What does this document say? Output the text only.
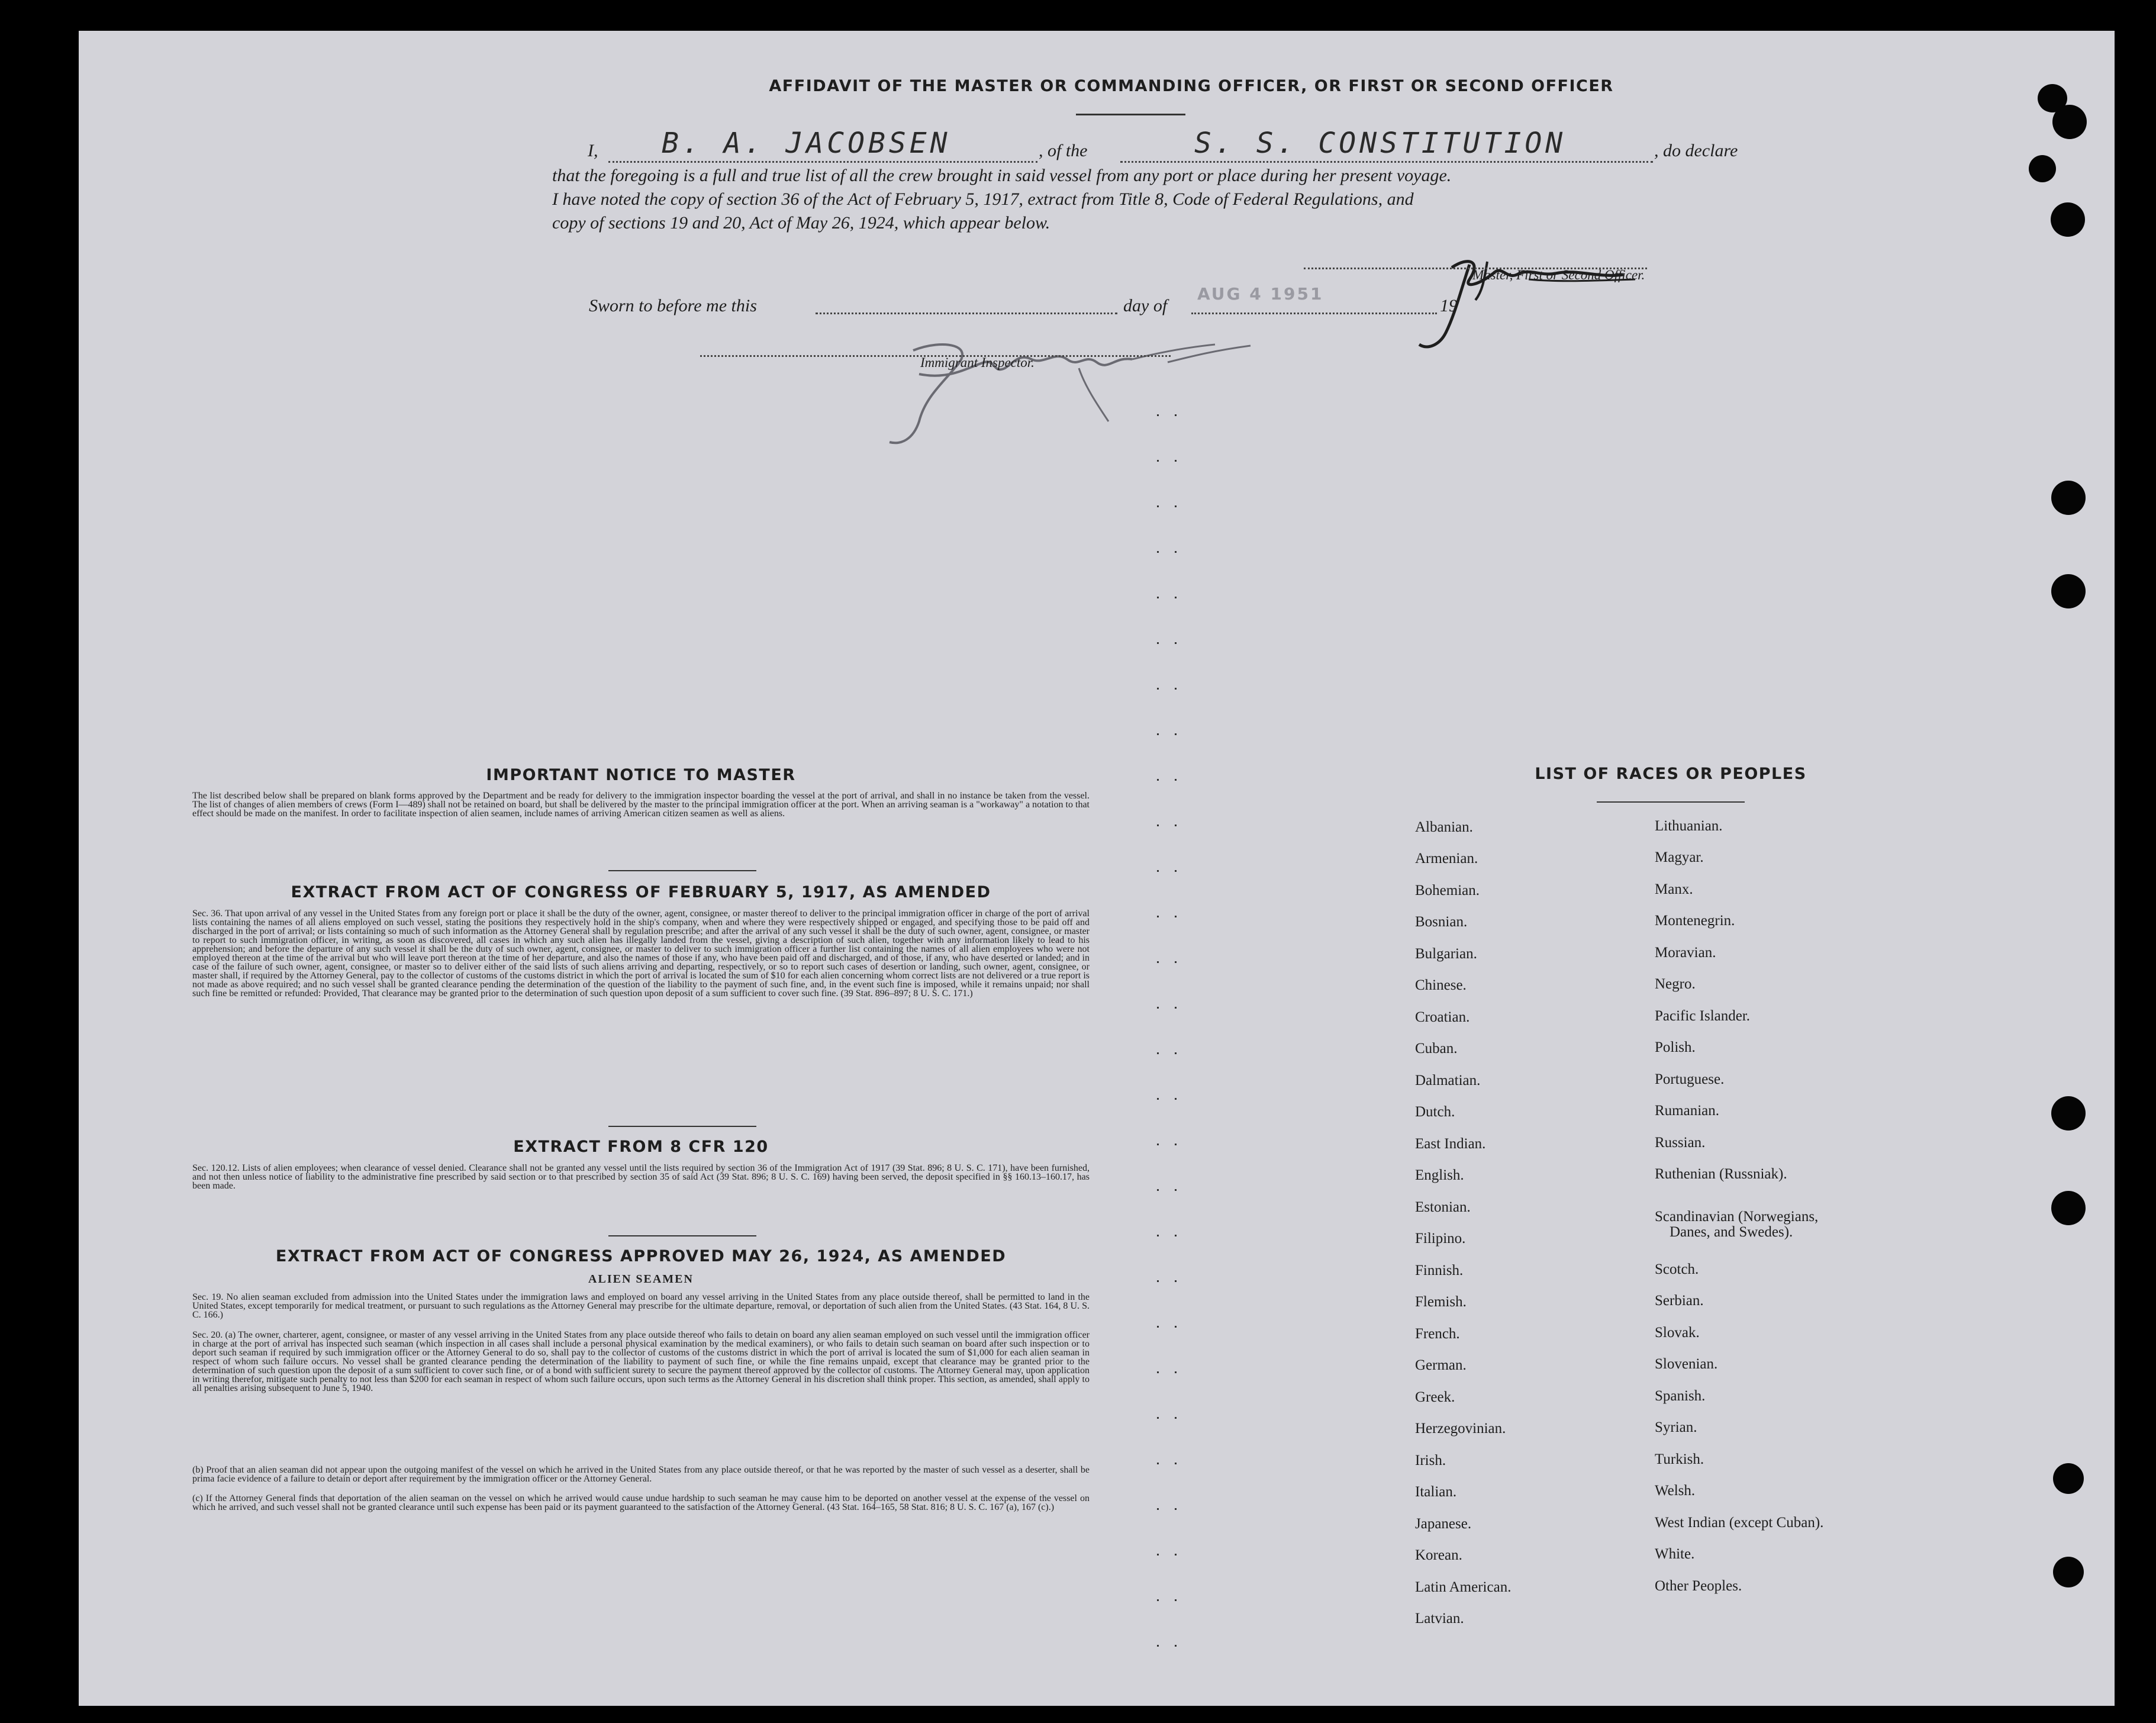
AFFIDAVIT OF THE MASTER OR COMMANDING OFFICER, OR FIRST OR SECOND OFFICER
I, B. A. JACOBSEN	, of the	S. S. CONSTITUTION	, do declare
that the foregoing is a full and true list of all the crew brought in said vessel from any port or place during her present voyage.
I have noted the copy of section 36 of the Act of February 5, 1917, extract from Title 8, Code of Federal Regulations, and
copy of sections 19 and 20, Act of May 26, 1924, which appear below.
Master, First or Second Officer.
Sworn to before me this	day of
AUG 4 1951
19
Immigrant Inspector.
IMPORTANT NOTICE TO MASTER
The list described below shall be prepared on blank forms approved by the Department and be ready for delivery to the immigration inspector boarding the vessel at the port of arrival, and shall in no instance be taken from the vessel. The list of changes of alien members of crews (Form I—489) shall not be retained on board, but shall be delivered by the master to the principal immigration officer at the port. When an arriving seaman is a "workaway" a notation to that effect should be made on the manifest. In order to facilitate inspection of alien seamen, include names of arriving American citizen seamen as well as aliens.
EXTRACT FROM ACT OF CONGRESS OF FEBRUARY 5, 1917, AS AMENDED
Sec. 36. That upon arrival of any vessel in the United States from any foreign port or place it shall be the duty of the owner, agent, consignee, or master thereof to deliver to the principal immigration officer in charge of the port of arrival lists containing the names of all aliens employed on such vessel, stating the positions they respectively hold in the ship's company, when and where they were respectively shipped or engaged, and specifying those to be paid off and discharged in the port of arrival; or lists containing so much of such information as the Attorney General shall by regulation prescribe; and after the arrival of any such vessel it shall be the duty of such owner, agent, consignee, or master to report to such immigration officer, in writing, as soon as discovered, all cases in which any such alien has illegally landed from the vessel, giving a description of such alien, together with any information likely to lead to his apprehension; and before the departure of any such vessel it shall be the duty of such owner, agent, consignee, or master to deliver to such immigration officer a further list containing the names of all alien employees who were not employed thereon at the time of the arrival but who will leave port thereon at the time of her departure, and also the names of those if any, who have been paid off and discharged, and of those, if any, who have deserted or landed; and in case of the failure of such owner, agent, consignee, or master so to deliver either of the said lists of such aliens arriving and departing, respectively, or so to report such cases of desertion or landing, such owner, agent, consignee, or master shall, if required by the Attorney General, pay to the collector of customs of the customs district in which the port of arrival is located the sum of $10 for each alien concerning whom correct lists are not delivered or a true report is not made as above required; and no such vessel shall be granted clearance pending the determination of the question of the liability to the payment of such fine, and, in the event such fine is imposed, while it remains unpaid; nor shall such fine be remitted or refunded: Provided, That clearance may be granted prior to the determination of such question upon deposit of a sum sufficient to cover such fine. (39 Stat. 896–897; 8 U. S. C. 171.)
EXTRACT FROM 8 CFR 120
Sec. 120.12. Lists of alien employees; when clearance of vessel denied. Clearance shall not be granted any vessel until the lists required by section 36 of the Immigration Act of 1917 (39 Stat. 896; 8 U. S. C. 171), have been furnished, and not then unless notice of liability to the administrative fine prescribed by said section or to that prescribed by section 35 of said Act (39 Stat. 896; 8 U. S. C. 169) having been served, the deposit specified in §§ 160.13–160.17, has been made.
EXTRACT FROM ACT OF CONGRESS APPROVED MAY 26, 1924, AS AMENDED
ALIEN SEAMEN
Sec. 19. No alien seaman excluded from admission into the United States under the immigration laws and employed on board any vessel arriving in the United States from any place outside thereof, shall be permitted to land in the United States, except temporarily for medical treatment, or pursuant to such regulations as the Attorney General may prescribe for the ultimate departure, removal, or deportation of such alien from the United States. (43 Stat. 164, 8 U. S. C. 166.)
Sec. 20. (a) The owner, charterer, agent, consignee, or master of any vessel arriving in the United States from any place outside thereof who fails to detain on board any alien seaman employed on such vessel until the immigration officer in charge at the port of arrival has inspected such seaman (which inspection in all cases shall include a personal physical examination by the medical examiners), or who fails to detain such seaman on board after such inspection or to deport such seaman if required by such immigration officer or the Attorney General to do so, shall pay to the collector of customs of the customs district in which the port of arrival is located the sum of $1,000 for each alien seaman in respect of whom such failure occurs. No vessel shall be granted clearance pending the determination of the liability to payment of such fine, or while the fine remains unpaid, except that clearance may be granted prior to the determination of such question upon the deposit of a sum sufficient to cover such fine, or of a bond with sufficient surety to secure the payment thereof approved by the collector of customs. The Attorney General may, upon application in writing therefor, mitigate such penalty to not less than $200 for each seaman in respect of whom such failure occurs, upon such terms as the Attorney General in his discretion shall think proper. This section, as amended, shall apply to all penalties arising subsequent to June 5, 1940.
(b) Proof that an alien seaman did not appear upon the outgoing manifest of the vessel on which he arrived in the United States from any place outside thereof, or that he was reported by the master of such vessel as a deserter, shall be prima facie evidence of a failure to detain or deport after requirement by the immigration officer or the Attorney General.
(c) If the Attorney General finds that deportation of the alien seaman on the vessel on which he arrived would cause undue hardship to such seaman he may cause him to be deported on another vessel at the expense of the vessel on which he arrived, and such vessel shall not be granted clearance until such expense has been paid or its payment guaranteed to the satisfaction of the Attorney General. (43 Stat. 164–165, 58 Stat. 816; 8 U. S. C. 167 (a), 167 (c).)
LIST OF RACES OR PEOPLES
Albanian.
Armenian.
Bohemian.
Bosnian.
Bulgarian.
Chinese.
Croatian.
Cuban.
Dalmatian.
Dutch.
East Indian.
English.
Estonian.
Filipino.
Finnish.
Flemish.
French.
German.
Greek.
Herzegovinian.
Irish.
Italian.
Japanese.
Korean.
Latin American.
Latvian.
Lithuanian.
Magyar.
Manx.
Montenegrin.
Moravian.
Negro.
Pacific Islander.
Polish.
Portuguese.
Rumanian.
Russian.
Ruthenian (Russniak).
Scandinavian (Norwegians,
Danes, and Swedes).
Scotch.
Serbian.
Slovak.
Slovenian.
Spanish.
Syrian.
Turkish.
Welsh.
West Indian (except Cuban).
White.
Other Peoples.
